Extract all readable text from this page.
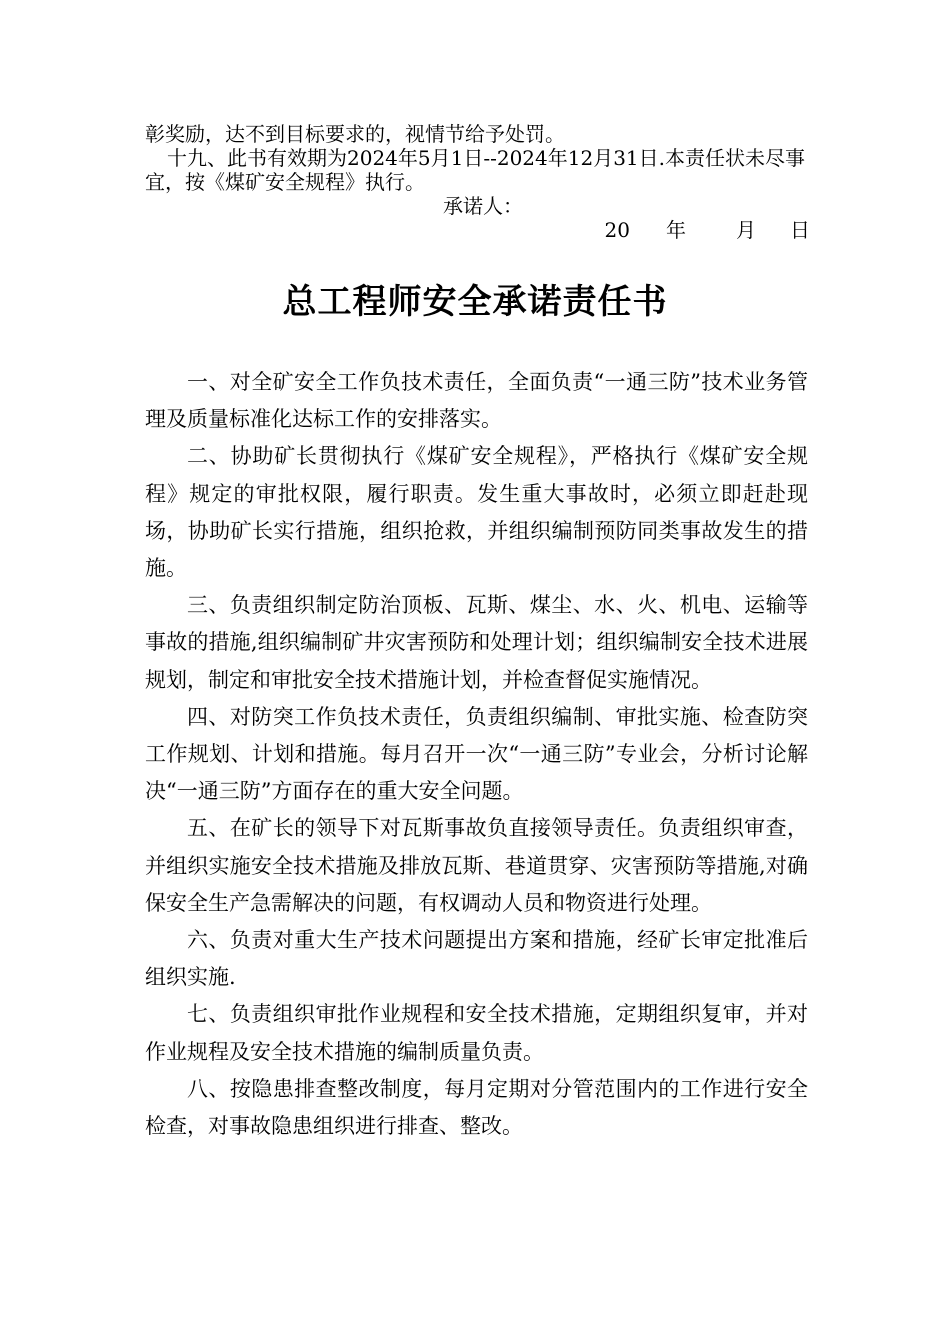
彰奖励，达不到目标要求的，视情节给予处罚。

十九、此书有效期为2024年5月1日--2024年12月31日.本责任状未尽事宜，按《煤矿安全规程》执行。

承诺人：

20 年	月 日

总工程师安全承诺责任书

一、对全矿安全工作负技术责任，全面负责“一通三防”技术业务管理及质量标准化达标工作的安排落实。

二、协助矿长贯彻执行《煤矿安全规程》，严格执行《煤矿安全规程》规定的审批权限，履行职责。发生重大事故时，必须立即赶赴现场，协助矿长实行措施，组织抢救，并组织编制预防同类事故发生的措施。

三、负责组织制定防治顶板、瓦斯、煤尘、水、火、机电、运输等事故的措施,组织编制矿井灾害预防和处理计划；组织编制安全技术进展规划，制定和审批安全技术措施计划，并检查督促实施情况。

四、对防突工作负技术责任，负责组织编制、审批实施、检查防突工作规划、计划和措施。每月召开一次“一通三防”专业会，分析讨论解决“一通三防”方面存在的重大安全问题。

五、在矿长的领导下对瓦斯事故负直接领导责任。负责组织审查，并组织实施安全技术措施及排放瓦斯、巷道贯穿、灾害预防等措施,对确保安全生产急需解决的问题，有权调动人员和物资进行处理。

六、负责对重大生产技术问题提出方案和措施，经矿长审定批准后组织实施.

七、负责组织审批作业规程和安全技术措施，定期组织复审，并对作业规程及安全技术措施的编制质量负责。

八、按隐患排查整改制度，每月定期对分管范围内的工作进行安全检查，对事故隐患组织进行排查、整改。
